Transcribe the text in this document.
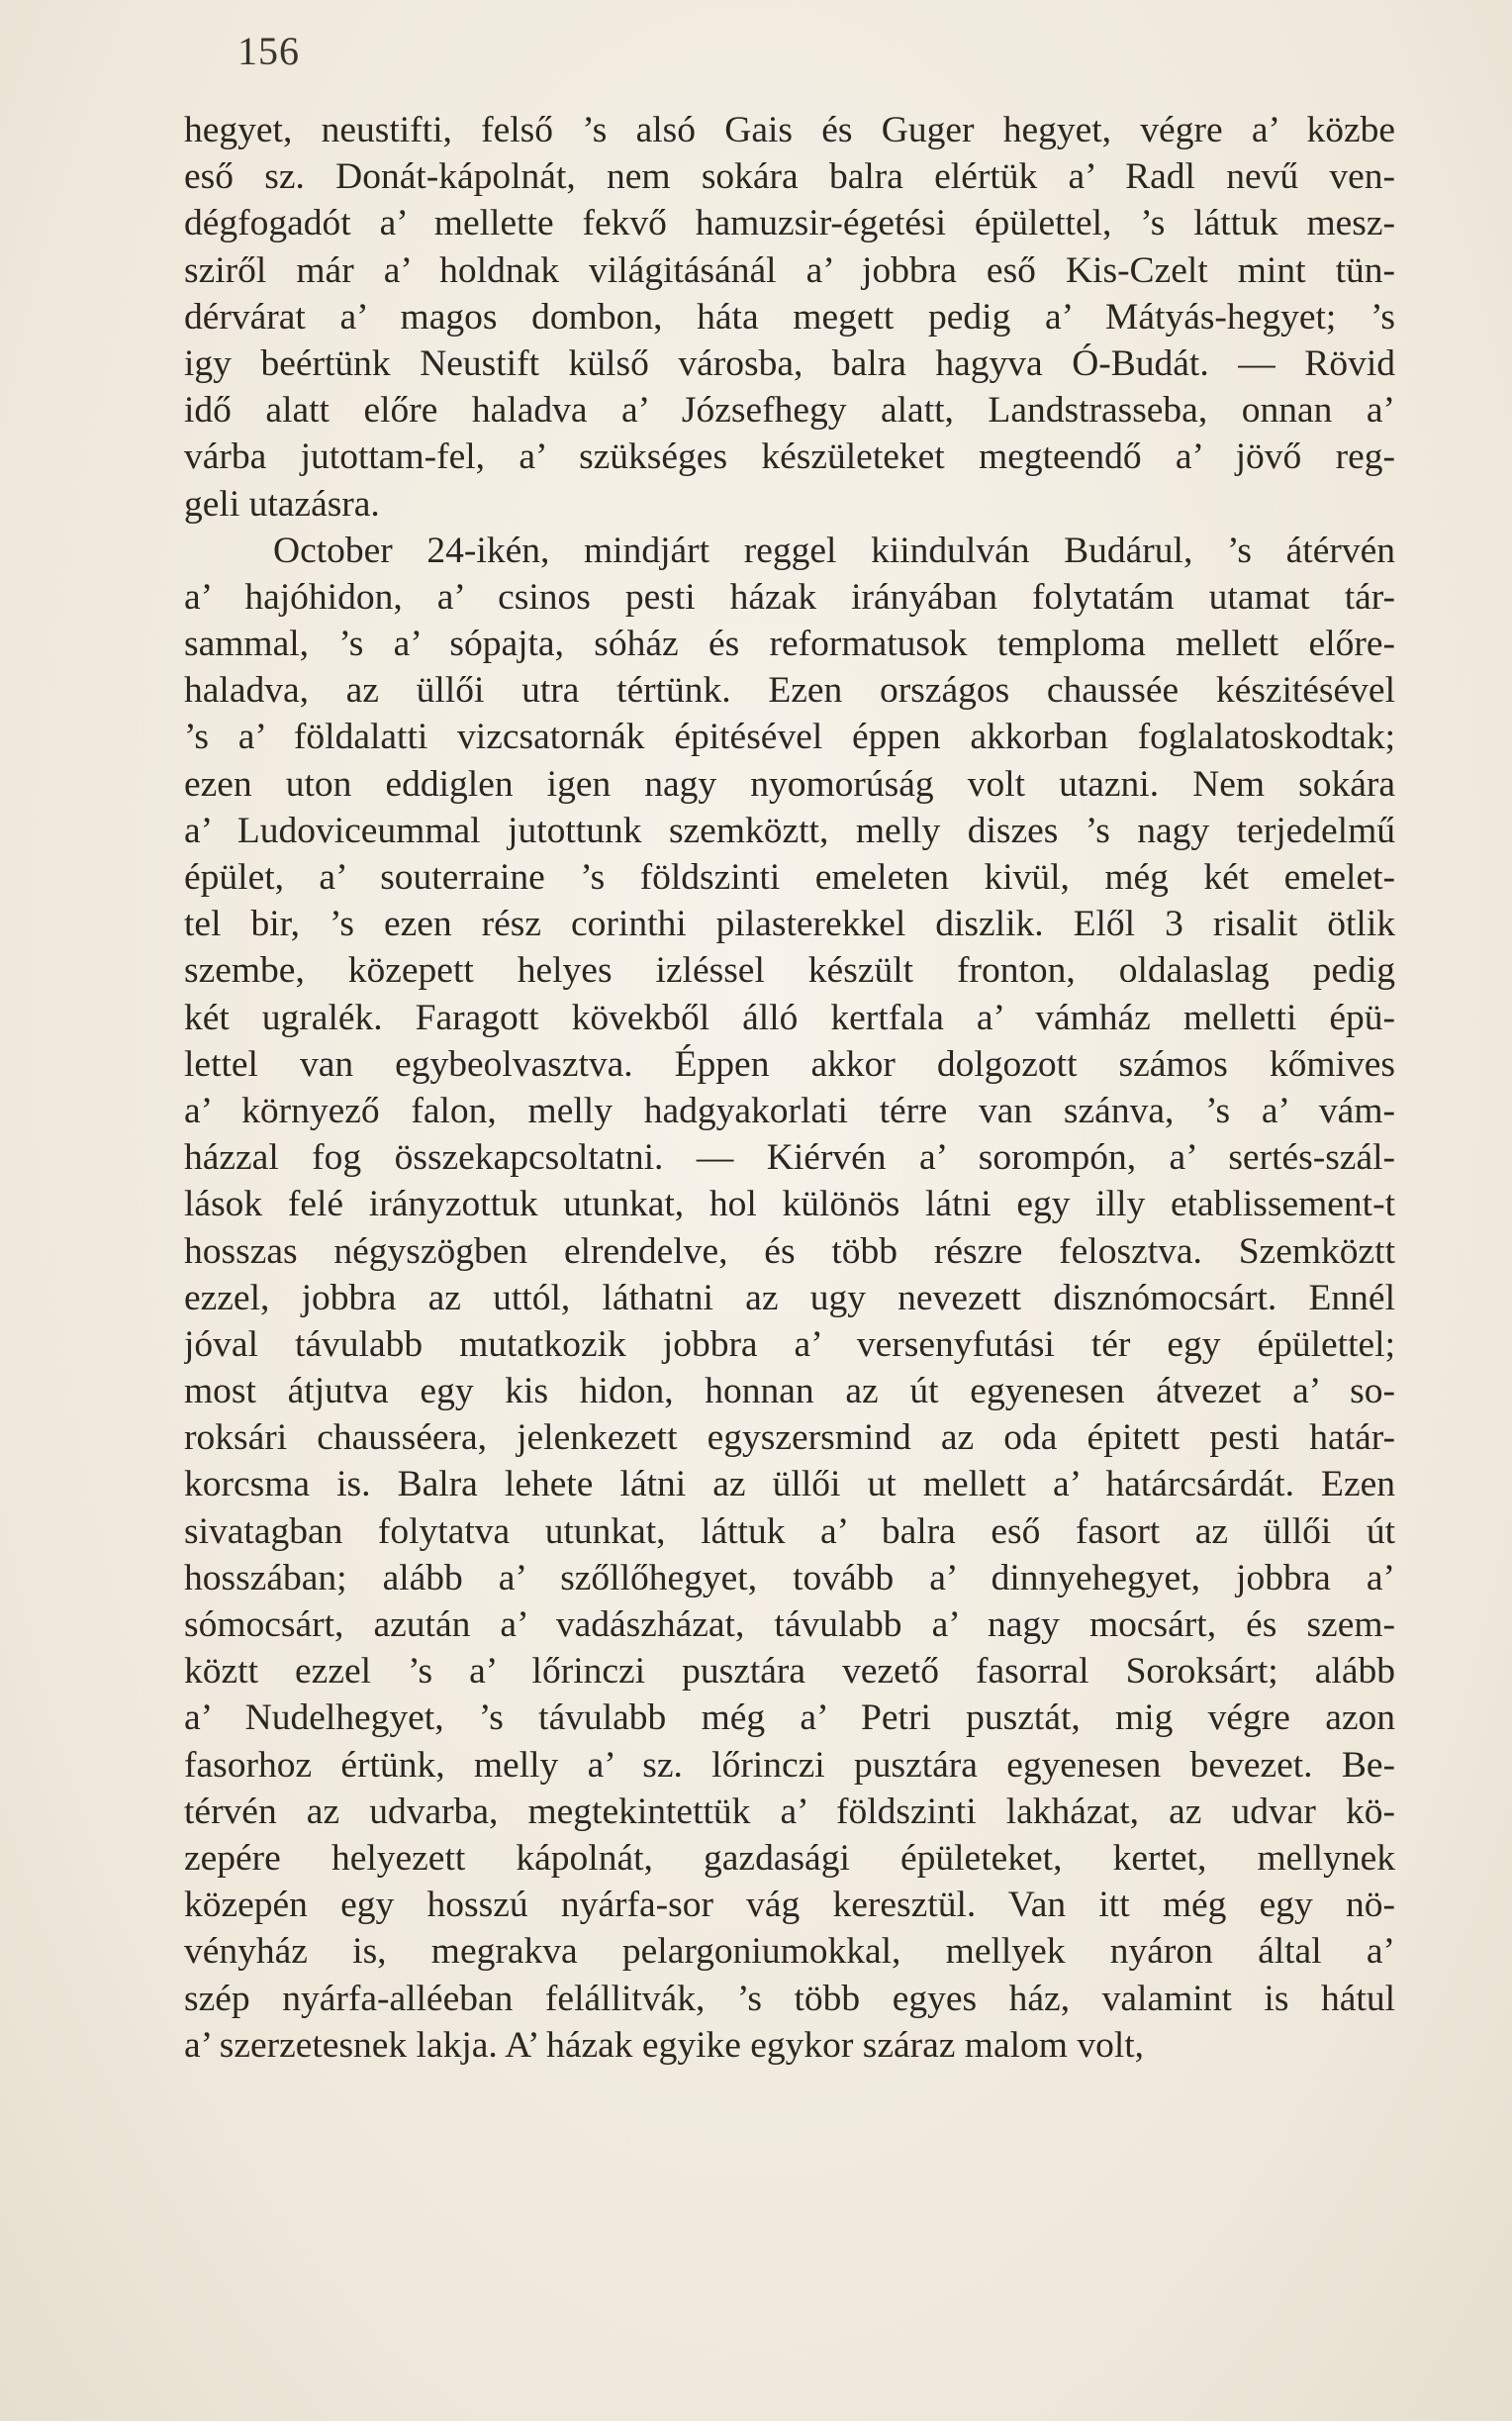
156
hegyet, neustifti, felső ’s alsó Gais és Guger hegyet, végre a’ közbe
eső sz. Donát-kápolnát, nem sokára balra elértük a’ Radl nevű ven-
dégfogadót a’ mellette fekvő hamuzsir-égetési épülettel, ’s láttuk mesz-
sziről már a’ holdnak világitásánál a’ jobbra eső Kis-Czelt mint tün-
dérvárat a’ magos dombon, háta megett pedig a’ Mátyás-hegyet; ’s
igy beértünk Neustift külső városba, balra hagyva Ó-Budát. — Rövid
idő alatt előre haladva a’ Józsefhegy alatt, Landstrasseba, onnan a’
várba jutottam-fel, a’ szükséges készületeket megteendő a’ jövő reg-
geli utazásra.
October 24-ikén, mindjárt reggel kiindulván Budárul, ’s átérvén
a’ hajóhidon, a’ csinos pesti házak irányában folytatám utamat tár-
sammal, ’s a’ sópajta, sóház és reformatusok temploma mellett előre-
haladva, az üllői utra tértünk. Ezen országos chaussée készitésével
’s a’ földalatti vizcsatornák épitésével éppen akkorban foglalatoskodtak;
ezen uton eddiglen igen nagy nyomorúság volt utazni. Nem sokára
a’ Ludoviceummal jutottunk szemköztt, melly diszes ’s nagy terjedelmű
épület, a’ souterraine ’s földszinti emeleten kivül, még két emelet-
tel bir, ’s ezen rész corinthi pilasterekkel diszlik. Elől 3 risalit ötlik
szembe, közepett helyes izléssel készült fronton, oldalaslag pedig
két ugralék. Faragott kövekből álló kertfala a’ vámház melletti épü-
lettel van egybeolvasztva. Éppen akkor dolgozott számos kőmives
a’ környező falon, melly hadgyakorlati térre van szánva, ’s a’ vám-
házzal fog összekapcsoltatni. — Kiérvén a’ sorompón, a’ sertés-szál-
lások felé irányzottuk utunkat, hol különös látni egy illy etablissement-t
hosszas négyszögben elrendelve, és több részre felosztva. Szemköztt
ezzel, jobbra az uttól, láthatni az ugy nevezett disznómocsárt. Ennél
jóval távulabb mutatkozik jobbra a’ versenyfutási tér egy épülettel;
most átjutva egy kis hidon, honnan az út egyenesen átvezet a’ so-
roksári chausséera, jelenkezett egyszersmind az oda épitett pesti határ-
korcsma is. Balra lehete látni az üllői ut mellett a’ határcsárdát. Ezen
sivatagban folytatva utunkat, láttuk a’ balra eső fasort az üllői út
hosszában; alább a’ szőllőhegyet, tovább a’ dinnyehegyet, jobbra a’
sómocsárt, azután a’ vadászházat, távulabb a’ nagy mocsárt, és szem-
köztt ezzel ’s a’ lőrinczi pusztára vezető fasorral Soroksárt; alább
a’ Nudelhegyet, ’s távulabb még a’ Petri pusztát, mig végre azon
fasorhoz értünk, melly a’ sz. lőrinczi pusztára egyenesen bevezet. Be-
térvén az udvarba, megtekintettük a’ földszinti lakházat, az udvar kö-
zepére helyezett kápolnát, gazdasági épületeket, kertet, mellynek
közepén egy hosszú nyárfa-sor vág keresztül. Van itt még egy nö-
vényház is, megrakva pelargoniumokkal, mellyek nyáron által a’
szép nyárfa-alléeban felállitvák, ’s több egyes ház, valamint is hátul
a’ szerzetesnek lakja. A’ házak egyike egykor száraz malom volt,
